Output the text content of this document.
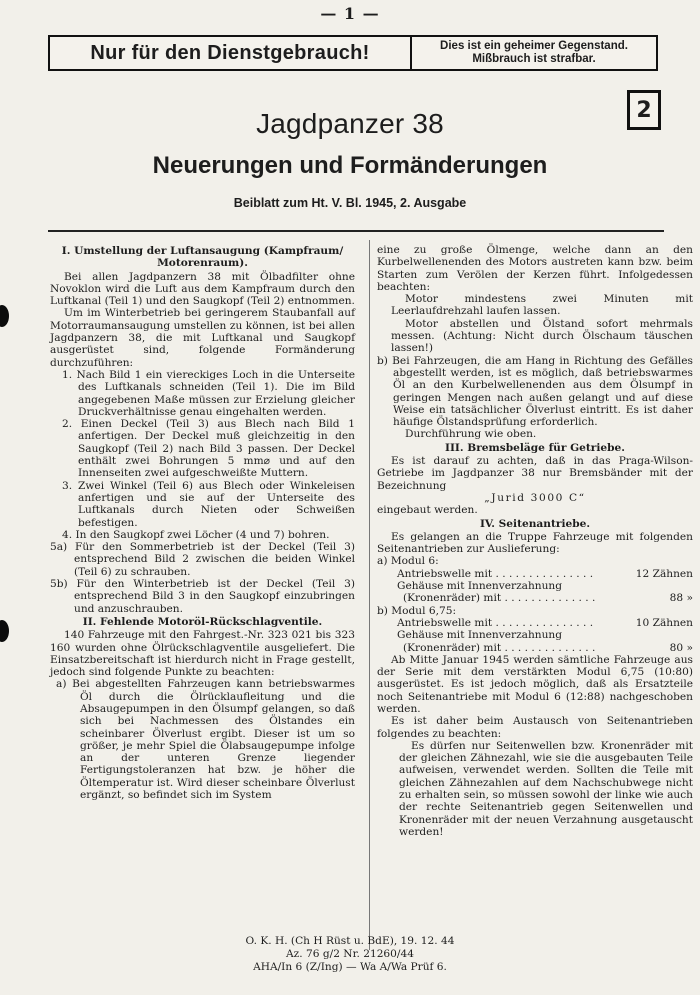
— 1 —
Nur für den Dienstgebrauch!	Dies ist ein geheimer Gegenstand.
Mißbrauch ist strafbar.
2
Jagdpanzer 38
Neuerungen und Formänderungen
Beiblatt zum Ht. V. Bl. 1945, 2. Ausgabe

I. Umstellung der Luftansaugung (Kampfraum/ Motorenraum).

Bei allen Jagdpanzern 38 mit Ölbadfilter ohne Novoklon wird die Luft aus dem Kampfraum durch den Luftkanal (Teil 1) und den Saugkopf (Teil 2) entnommen.

Um im Winterbetrieb bei geringerem Staubanfall auf Motorraumansaugung umstellen zu können, ist bei allen Jagdpanzern 38, die mit Luftkanal und Saugkopf ausgerüstet sind, folgende Formänderung durchzuführen:

1. Nach Bild 1 ein viereckiges Loch in die Unterseite des Luftkanals schneiden (Teil 1). Die im Bild angegebenen Maße müssen zur Erzielung gleicher Druckverhältnisse genau eingehalten werden.

2. Einen Deckel (Teil 3) aus Blech nach Bild 1 anfertigen. Der Deckel muß gleichzeitig in den Saugkopf (Teil 2) nach Bild 3 passen. Der Deckel enthält zwei Bohrungen 5 mm⌀ und auf den Innenseiten zwei aufgeschweißte Muttern.

3. Zwei Winkel (Teil 6) aus Blech oder Winkeleisen anfertigen und sie auf der Unterseite des Luftkanals durch Nieten oder Schweißen befestigen.

4. In den Saugkopf zwei Löcher (4 und 7) bohren.

5a) Für den Sommerbetrieb ist der Deckel (Teil 3) entsprechend Bild 2 zwischen die beiden Winkel (Teil 6) zu schrauben.

5b) Für den Winterbetrieb ist der Deckel (Teil 3) entsprechend Bild 3 in den Saugkopf einzubringen und anzuschrauben.

II. Fehlende Motoröl-Rückschlagventile.

140 Fahrzeuge mit den Fahrgest.-Nr. 323 021 bis 323 160 wurden ohne Ölrückschlagventile ausgeliefert. Die Einsatzbereitschaft ist hierdurch nicht in Frage gestellt, jedoch sind folgende Punkte zu beachten:

a) Bei abgestellten Fahrzeugen kann betriebswarmes Öl durch die Ölrücklaufleitung und die Absaugepumpen in den Ölsumpf gelangen, so daß sich bei Nachmessen des Ölstandes ein scheinbarer Ölverlust ergibt. Dieser ist um so größer, je mehr Spiel die Ölabsaugepumpe infolge an der unteren Grenze liegender Fertigungstoleranzen hat bzw. je höher die Öltemperatur ist. Wird dieser scheinbare Ölverlust ergänzt, so befindet sich im System

eine zu große Ölmenge, welche dann an den Kurbelwellenenden des Motors austreten kann bzw. beim Starten zum Verölen der Kerzen führt. Infolgedessen beachten:

Motor mindestens zwei Minuten mit Leerlaufdrehzahl laufen lassen.

Motor abstellen und Ölstand sofort mehrmals messen. (Achtung: Nicht durch Ölschaum täuschen lassen!)

b) Bei Fahrzeugen, die am Hang in Richtung des Gefälles abgestellt werden, ist es möglich, daß betriebswarmes Öl an den Kurbelwellenenden aus dem Ölsumpf in geringen Mengen nach außen gelangt und auf diese Weise ein tatsächlicher Ölverlust eintritt. Es ist daher häufige Ölstandsprüfung erforderlich.

Durchführung wie oben.

III. Bremsbeläge für Getriebe.

Es ist darauf zu achten, daß in das Praga-Wilson-Getriebe im Jagdpanzer 38 nur Bremsbänder mit der Bezeichnung

„Jurid 3000 C“

eingebaut werden.

IV. Seitenantriebe.

Es gelangen an die Truppe Fahrzeuge mit folgenden Seitenantrieben zur Auslieferung:

a) Modul 6:

Antriebswelle mit . . . . . . . . . . . . . . .	12 Zähnen

Gehäuse mit Innenverzahnung

(Kronenräder) mit . . . . . . . . . . . . . .	88 »

b) Modul 6,75:

Antriebswelle mit . . . . . . . . . . . . . . .	10 Zähnen

Gehäuse mit Innenverzahnung

(Kronenräder) mit . . . . . . . . . . . . . .	80 »

Ab Mitte Januar 1945 werden sämtliche Fahrzeuge aus der Serie mit dem verstärkten Modul 6,75 (10:80) ausgerüstet. Es ist jedoch möglich, daß als Ersatzteile noch Seitenantriebe mit Modul 6 (12:88) nachgeschoben werden.

Es ist daher beim Austausch von Seitenantrieben folgendes zu beachten:

Es dürfen nur Seitenwellen bzw. Kronenräder mit der gleichen Zähnezahl, wie sie die ausgebauten Teile aufweisen, verwendet werden. Sollten die Teile mit gleichen Zähnezahlen auf dem Nachschubwege nicht zu erhalten sein, so müssen sowohl der linke wie auch der rechte Seitenantrieb gegen Seitenwellen und Kronenräder mit der neuen Verzahnung ausgetauscht werden!

O. K. H. (Ch H Rüst u. BdE), 19. 12. 44
Az. 76 g/2 Nr. 21260/44
AHA/In 6 (Z/Ing) — Wa A/Wa Prüf 6.
